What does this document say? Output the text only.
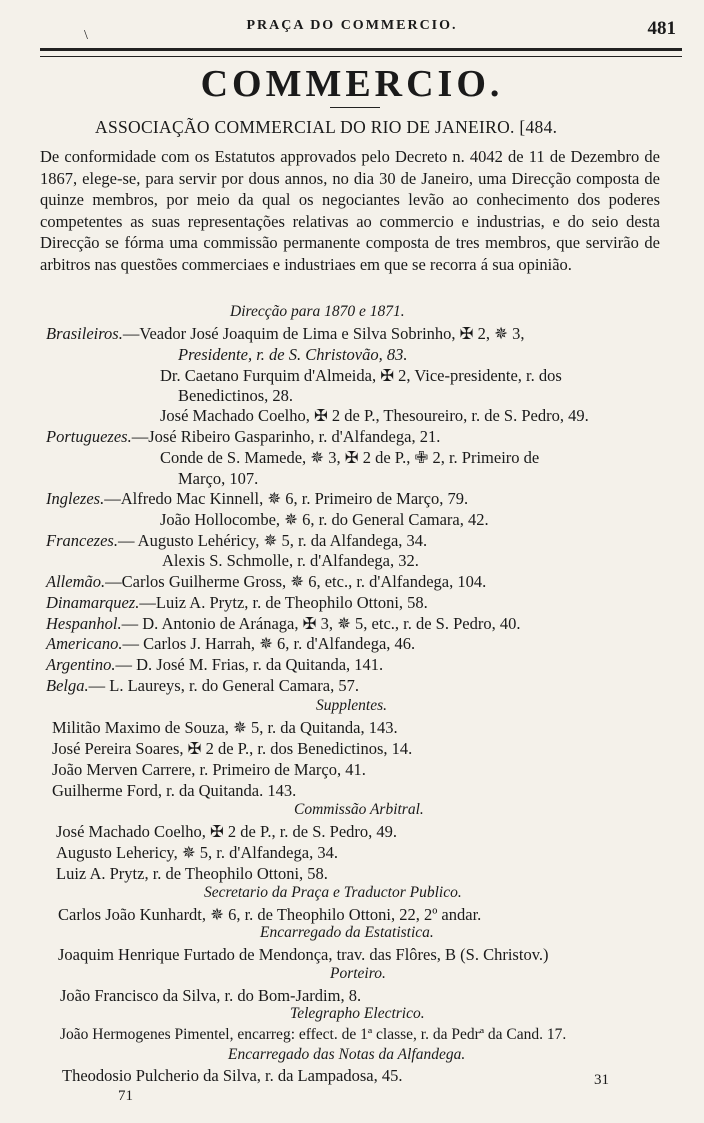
\
PRAÇA DO COMMERCIO.	481
COMMERCIO.
ASSOCIAÇÃO COMMERCIAL DO RIO DE JANEIRO. [484.
De conformidade com os Estatutos approvados pelo Decreto n. 4042 de 11 de Dezembro de 1867, elege-se, para servir por dous annos, no dia 30 de Janeiro, uma Direcção composta de quinze membros, por meio da qual os negociantes levão ao conhecimento dos poderes competentes as suas representações relativas ao commercio e industrias, e do seio desta Direcção se fórma uma commissão permanente composta de tres membros, que servirão de arbitros nas questões commerciaes e industriaes em que se recorra á sua opinião.
Direcção para 1870 e 1871.
Brasileiros.—Veador José Joaquim de Lima e Silva Sobrinho, ✠ 2, ✵ 3,
Presidente, r. de S. Christovão, 83.
Dr. Caetano Furquim d'Almeida, ✠ 2, Vice-presidente, r. dos
Benedictinos, 28.
José Machado Coelho, ✠ 2 de P., Thesoureiro, r. de S. Pedro, 49.
Portuguezes.—José Ribeiro Gasparinho, r. d'Alfandega, 21.
Conde de S. Mamede, ✵ 3, ✠ 2 de P., ✙ 2, r. Primeiro de
Março, 107.
Inglezes.—Alfredo Mac Kinnell, ✵ 6, r. Primeiro de Março, 79.
João Hollocombe, ✵ 6, r. do General Camara, 42.
Francezes.— Augusto Lehéricy, ✵ 5, r. da Alfandega, 34.
Alexis S. Schmolle, r. d'Alfandega, 32.
Allemão.—Carlos Guilherme Gross, ✵ 6, etc., r. d'Alfandega, 104.
Dinamarquez.—Luiz A. Prytz, r. de Theophilo Ottoni, 58.
Hespanhol.— D. Antonio de Aránaga, ✠ 3, ✵ 5, etc., r. de S. Pedro, 40.
Americano.— Carlos J. Harrah, ✵ 6, r. d'Alfandega, 46.
Argentino.— D. José M. Frias, r. da Quitanda, 141.
Belga.— L. Laureys, r. do General Camara, 57.
Supplentes.
Militão Maximo de Souza, ✵ 5, r. da Quitanda, 143.
José Pereira Soares, ✠ 2 de P., r. dos Benedictinos, 14.
João Merven Carrere, r. Primeiro de Março, 41.
Guilherme Ford, r. da Quitanda. 143.
Commissão Arbitral.
José Machado Coelho, ✠ 2 de P., r. de S. Pedro, 49.
Augusto Lehericy, ✵ 5, r. d'Alfandega, 34.
Luiz A. Prytz, r. de Theophilo Ottoni, 58.
Secretario da Praça e Traductor Publico.
Carlos João Kunhardt, ✵ 6, r. de Theophilo Ottoni, 22, 2º andar.
Encarregado da Estatistica.
Joaquim Henrique Furtado de Mendonça, trav. das Flôres, B (S. Christov.)
Porteiro.
João Francisco da Silva, r. do Bom-Jardim, 8.
Telegrapho Electrico.
João Hermogenes Pimentel, encarreg: effect. de 1ª classe, r. da Pedrª da Cand. 17.
Encarregado das Notas da Alfandega.
Theodosio Pulcherio da Silva, r. da Lampadosa, 45.	31
71
